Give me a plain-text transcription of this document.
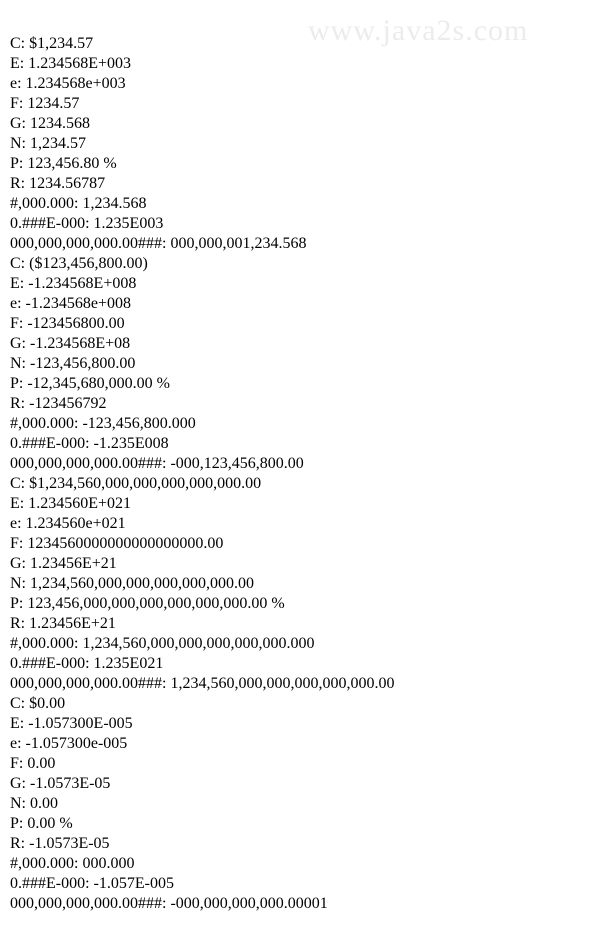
www.java2s.com
C: $1,234.57
E: 1.234568E+003
e: 1.234568e+003
F: 1234.57
G: 1234.568
N: 1,234.57
P: 123,456.80 %
R: 1234.56787
#,000.000: 1,234.568
0.###E-000: 1.235E003
000,000,000,000.00###: 000,000,001,234.568
C: ($123,456,800.00)
E: -1.234568E+008
e: -1.234568e+008
F: -123456800.00
G: -1.234568E+08
N: -123,456,800.00
P: -12,345,680,000.00 %
R: -123456792
#,000.000: -123,456,800.000
0.###E-000: -1.235E008
000,000,000,000.00###: -000,123,456,800.00
C: $1,234,560,000,000,000,000,000.00
E: 1.234560E+021
e: 1.234560e+021
F: 1234560000000000000000.00
G: 1.23456E+21
N: 1,234,560,000,000,000,000,000.00
P: 123,456,000,000,000,000,000,000.00 %
R: 1.23456E+21
#,000.000: 1,234,560,000,000,000,000,000.000
0.###E-000: 1.235E021
000,000,000,000.00###: 1,234,560,000,000,000,000,000.00
C: $0.00
E: -1.057300E-005
e: -1.057300e-005
F: 0.00
G: -1.0573E-05
N: 0.00
P: 0.00 %
R: -1.0573E-05
#,000.000: 000.000
0.###E-000: -1.057E-005
000,000,000,000.00###: -000,000,000,000.00001
